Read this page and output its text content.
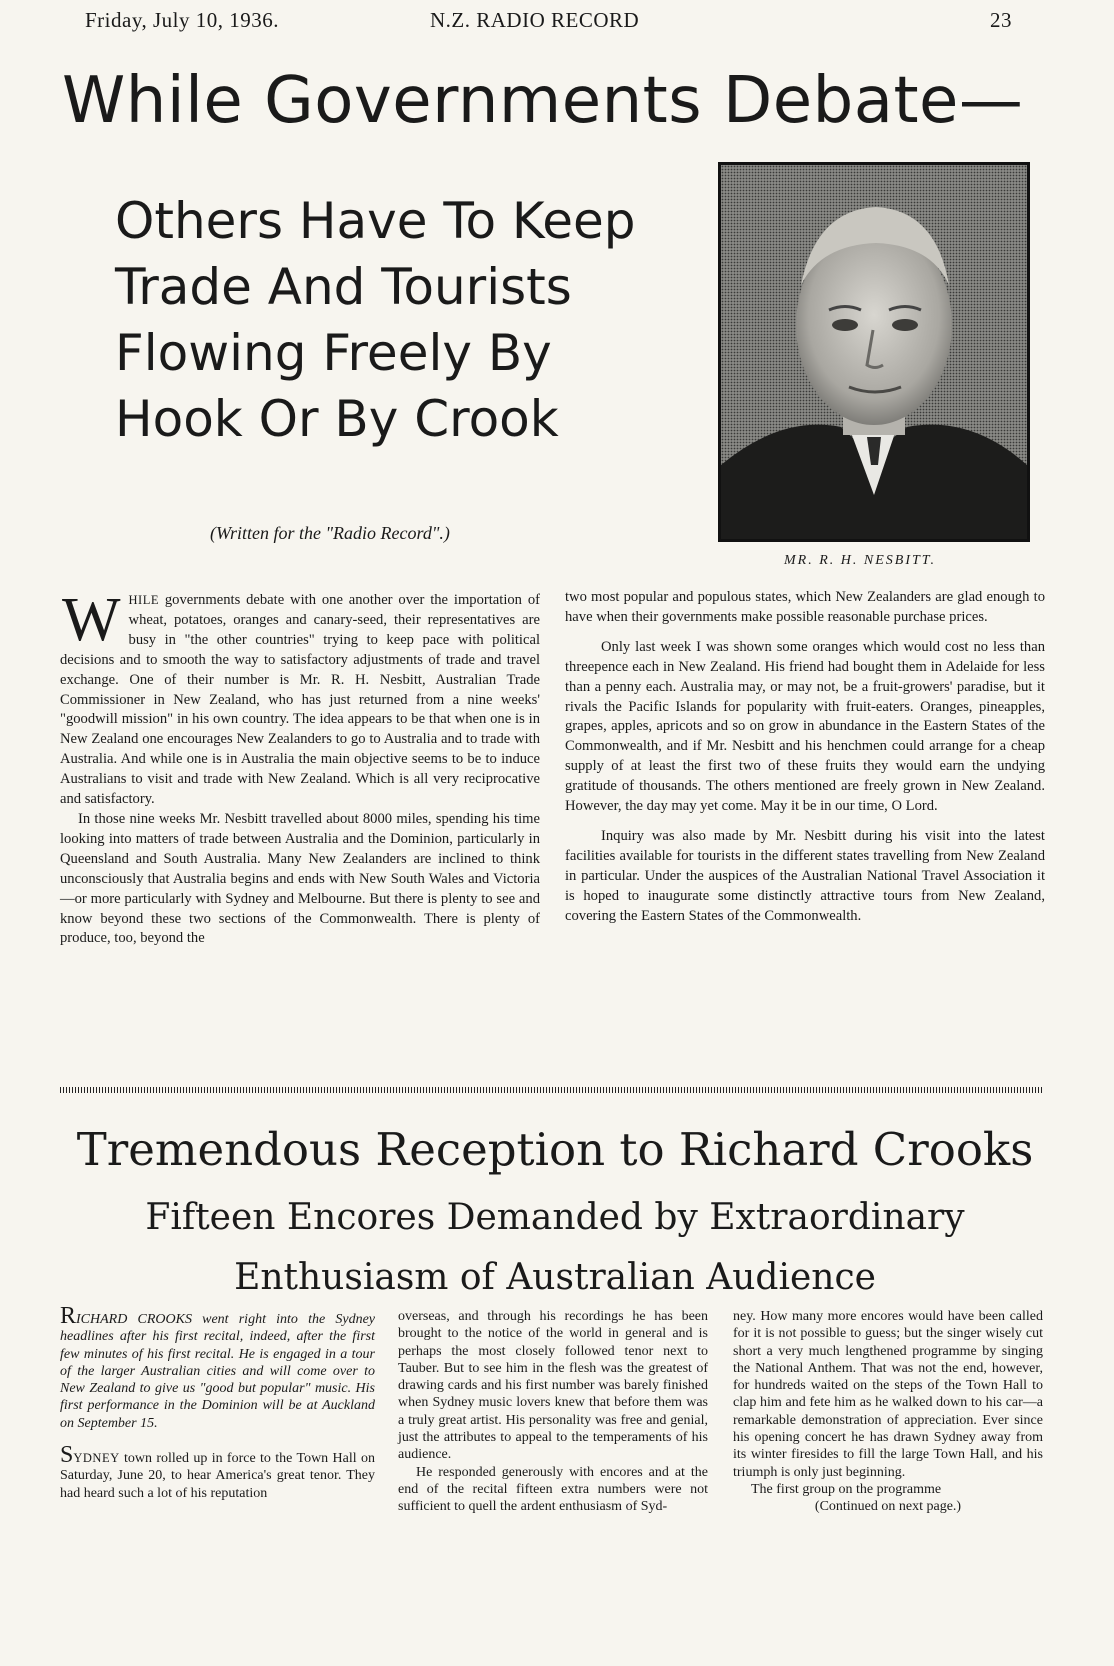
Friday, July 10, 1936.	N.Z. RADIO RECORD	23
While Governments Debate—
Others Have To Keep
Trade And Tourists
Flowing Freely By
Hook Or By Crook
MR. R. H. NESBITT.
(Written for the "Radio Record".)

WHILE governments debate with one another over the importation of wheat, potatoes, oranges and canary-seed, their representatives are busy in "the other countries" trying to keep pace with political decisions and to smooth the way to satisfactory adjustments of trade and travel exchange. One of their number is Mr. R. H. Nesbitt, Australian Trade Commissioner in New Zealand, who has just returned from a nine weeks' "goodwill mission" in his own country. The idea appears to be that when one is in New Zealand one encourages New Zealanders to go to Australia and to trade with Australia. And while one is in Australia the main objective seems to be to induce Australians to visit and trade with New Zealand. Which is all very reciprocative and satisfactory.

In those nine weeks Mr. Nesbitt travelled about 8000 miles, spending his time looking into matters of trade between Australia and the Dominion, particularly in Queensland and South Australia. Many New Zealanders are inclined to think unconsciously that Australia begins and ends with New South Wales and Victoria—or more particularly with Sydney and Melbourne. But there is plenty to see and know beyond these two sections of the Commonwealth. There is plenty of produce, too, beyond the

two most popular and populous states, which New Zealanders are glad enough to have when their governments make possible reasonable purchase prices.

Only last week I was shown some oranges which would cost no less than threepence each in New Zealand. His friend had bought them in Adelaide for less than a penny each. Australia may, or may not, be a fruit-growers' paradise, but it rivals the Pacific Islands for popularity with fruit-eaters. Oranges, pineapples, grapes, apples, apricots and so on grow in abundance in the Eastern States of the Commonwealth, and if Mr. Nesbitt and his henchmen could arrange for a cheap supply of at least the first two of these fruits they would earn the undying gratitude of thousands. The others mentioned are freely grown in New Zealand. However, the day may yet come. May it be in our time, O Lord.

Inquiry was also made by Mr. Nesbitt during his visit into the latest facilities available for tourists in the different states travelling from New Zealand in particular. Under the auspices of the Australian National Travel Association it is hoped to inaugurate some distinctly attractive tours from New Zealand, covering the Eastern States of the Commonwealth.

Tremendous Reception to Richard Crooks
Fifteen Encores Demanded by Extraordinary
Enthusiasm of Australian Audience

RICHARD CROOKS went right into the Sydney headlines after his first recital, indeed, after the first few minutes of his first recital. He is engaged in a tour of the larger Australian cities and will come over to New Zealand to give us "good but popular" music. His first performance in the Dominion will be at Auckland on September 15.

SYDNEY town rolled up in force to the Town Hall on Saturday, June 20, to hear America's great tenor. They had heard such a lot of his reputation

overseas, and through his recordings he has been brought to the notice of the world in general and is perhaps the most closely followed tenor next to Tauber. But to see him in the flesh was the greatest of drawing cards and his first number was barely finished when Sydney music lovers knew that before them was a truly great artist. His personality was free and genial, just the attributes to appeal to the temperaments of his audience.

He responded generously with encores and at the end of the recital fifteen extra numbers were not sufficient to quell the ardent enthusiasm of Syd-

ney. How many more encores would have been called for it is not possible to guess; but the singer wisely cut short a very much lengthened programme by singing the National Anthem. That was not the end, however, for hundreds waited on the steps of the Town Hall to clap him and fete him as he walked down to his car—a remarkable demonstration of appreciation. Ever since his opening concert he has drawn Sydney away from its winter firesides to fill the large Town Hall, and his triumph is only just beginning.

The first group on the programme

(Continued on next page.)
